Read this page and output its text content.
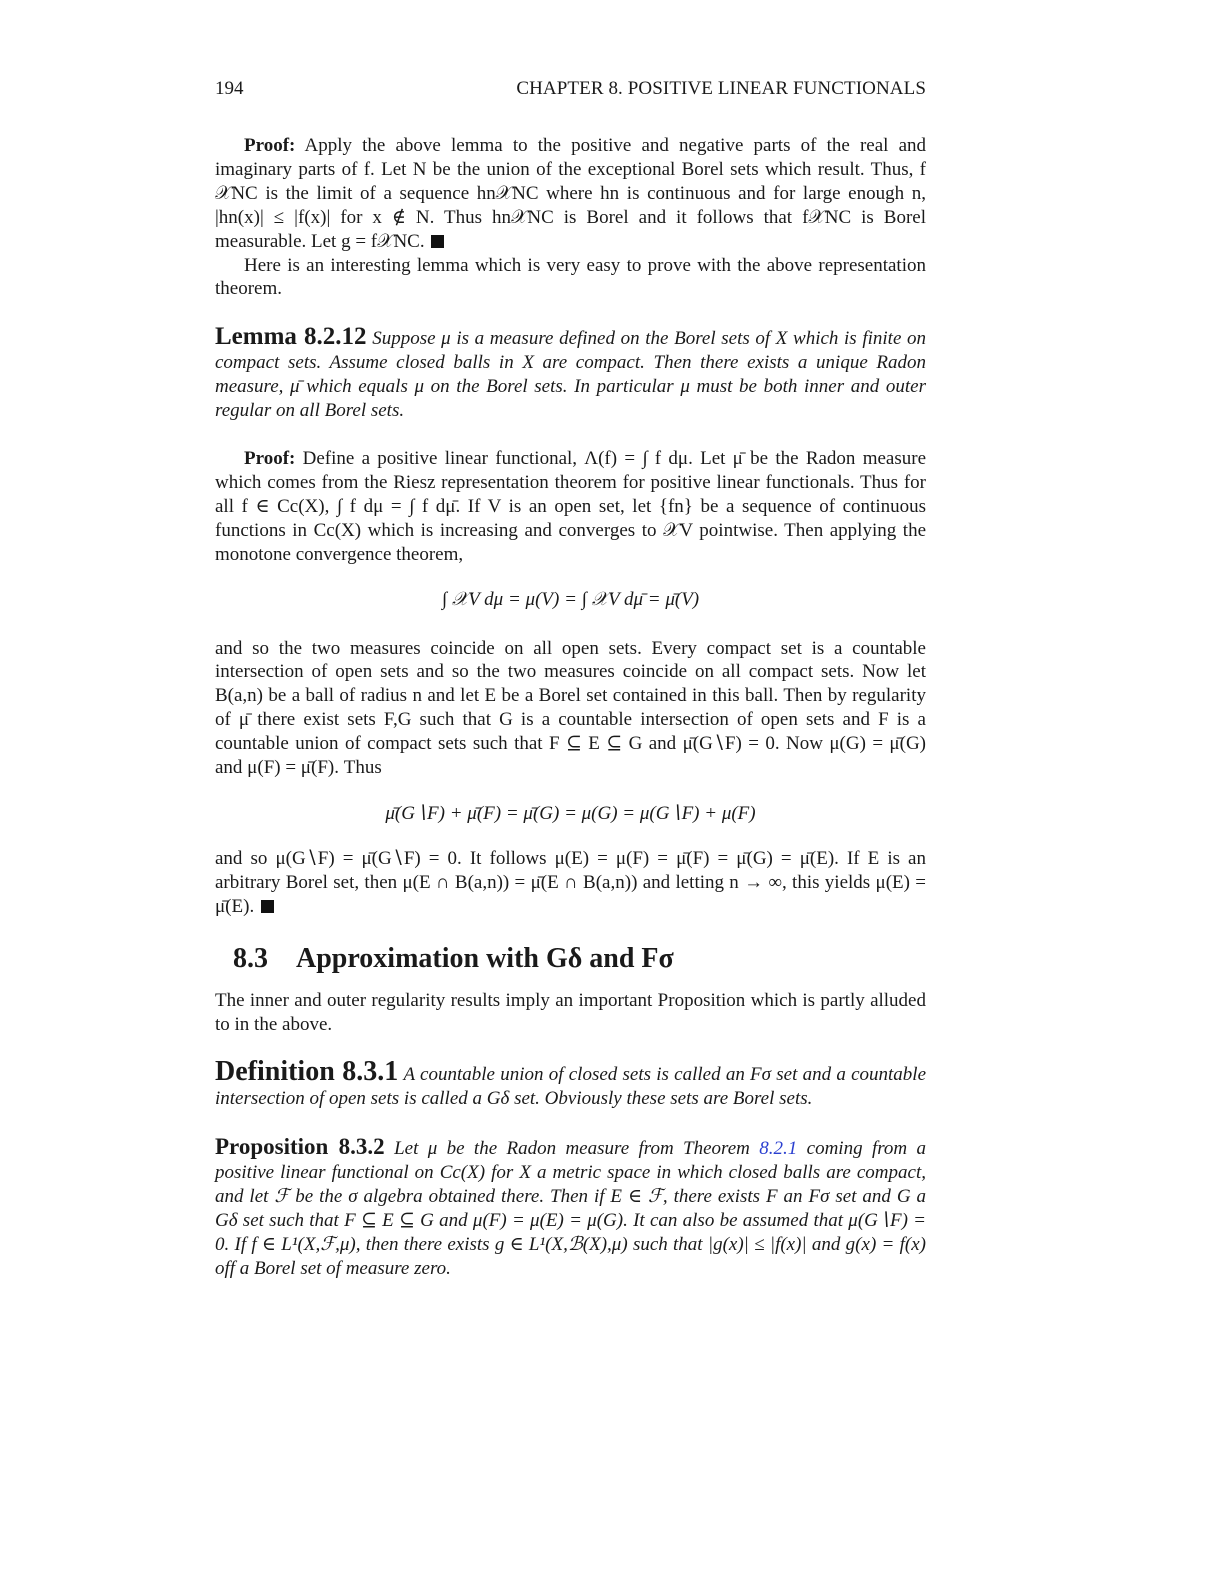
194	CHAPTER 8. POSITIVE LINEAR FUNCTIONALS

Proof: Apply the above lemma to the positive and negative parts of the real and imaginary parts of f. Let N be the union of the exceptional Borel sets which result. Thus, f 𝒳NC is the limit of a sequence hn𝒳NC where hn is continuous and for large enough n, |hn(x)| ≤ |f(x)| for x ∉ N. Thus hn𝒳NC is Borel and it follows that f𝒳NC is Borel measurable. Let g = f𝒳NC.

Here is an interesting lemma which is very easy to prove with the above representation theorem.

Lemma 8.2.12 Suppose μ is a measure defined on the Borel sets of X which is finite on compact sets. Assume closed balls in X are compact. Then there exists a unique Radon measure, μ̄ which equals μ on the Borel sets. In particular μ must be both inner and outer regular on all Borel sets.

Proof: Define a positive linear functional, Λ(f) = ∫ f dμ. Let μ̄ be the Radon measure which comes from the Riesz representation theorem for positive linear functionals. Thus for all f ∈ Cc(X), ∫ f dμ = ∫ f dμ̄. If V is an open set, let {fn} be a sequence of continuous functions in Cc(X) which is increasing and converges to 𝒳V pointwise. Then applying the monotone convergence theorem,

∫ 𝒳V dμ = μ(V) = ∫ 𝒳V dμ̄ = μ̄(V)

and so the two measures coincide on all open sets. Every compact set is a countable intersection of open sets and so the two measures coincide on all compact sets. Now let B(a,n) be a ball of radius n and let E be a Borel set contained in this ball. Then by regularity of μ̄ there exist sets F,G such that G is a countable intersection of open sets and F is a countable union of compact sets such that F ⊆ E ⊆ G and μ̄(G∖F) = 0. Now μ(G) = μ̄(G) and μ(F) = μ̄(F). Thus

μ̄(G∖F) + μ̄(F) = μ̄(G) = μ(G) = μ(G∖F) + μ(F)

and so μ(G∖F) = μ̄(G∖F) = 0. It follows μ(E) = μ(F) = μ̄(F) = μ̄(G) = μ̄(E). If E is an arbitrary Borel set, then μ(E ∩ B(a,n)) = μ̄(E ∩ B(a,n)) and letting n → ∞, this yields μ(E) = μ̄(E).

8.3 Approximation with Gδ and Fσ

The inner and outer regularity results imply an important Proposition which is partly alluded to in the above.

Definition 8.3.1 A countable union of closed sets is called an Fσ set and a countable intersection of open sets is called a Gδ set. Obviously these sets are Borel sets.

Proposition 8.3.2 Let μ be the Radon measure from Theorem 8.2.1 coming from a positive linear functional on Cc(X) for X a metric space in which closed balls are compact, and let ℱ be the σ algebra obtained there. Then if E ∈ ℱ, there exists F an Fσ set and G a Gδ set such that F ⊆ E ⊆ G and μ(F) = μ(E) = μ(G). It can also be assumed that μ(G∖F) = 0. If f ∈ L¹(X,ℱ,μ), then there exists g ∈ L¹(X,ℬ(X),μ) such that |g(x)| ≤ |f(x)| and g(x) = f(x) off a Borel set of measure zero.
